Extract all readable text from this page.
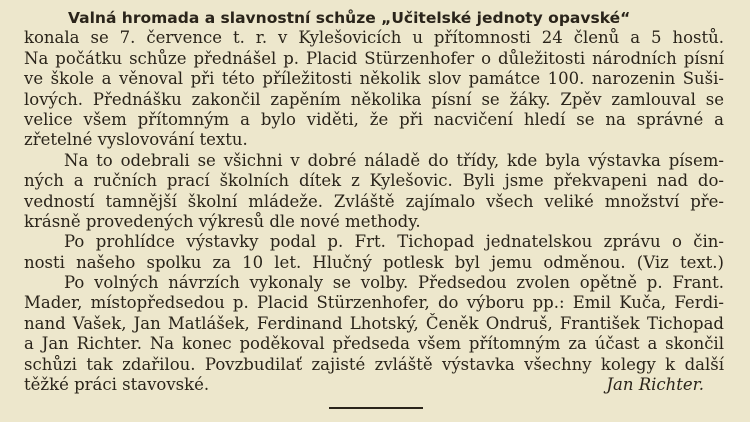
Valná hromada a slavnostní schůze „Učitelské jednoty opavské“
konala se 7. července t. r. v Kylešovicích u přítomnosti 24 členů a 5 hostů.
Na počátku schůze přednášel p. Placid Stürzenhofer o důležitosti národních písní
ve škole a věnoval při této příležitosti několik slov památce 100. narozenin Suši-
lových. Přednášku zakončil zapěním několika písní se žáky. Zpěv zamlouval se
velice všem přítomným a bylo viděti, že při nacvičení hledí se na správné a
zřetelné vyslovování textu.
Na to odebrali se všichni v dobré náladě do třídy, kde byla výstavka písem-
ných a ručních prací školních dítek z Kylešovic. Byli jsme překvapeni nad do-
vedností tamnější školní mládeže. Zvláště zajímalo všech veliké množství pře-
krásně provedených výkresů dle nové methody.
Po prohlídce výstavky podal p. Frt. Tichopad jednatelskou zprávu o čin-
nosti našeho spolku za 10 let. Hlučný potlesk byl jemu odměnou. (Viz text.)
Po volných návrzích vykonaly se volby. Předsedou zvolen opětně p. Frant.
Mader, místopředsedou p. Placid Stürzenhofer, do výboru pp.: Emil Kuča, Ferdi-
nand Vašek, Jan Matlášek, Ferdinand Lhotský, Čeněk Ondruš, František Tichopad
a Jan Richter. Na konec poděkoval předseda všem přítomným za účast a skončil
schůzi tak zdařilou. Povzbudilať zajisté zvláště výstavka všechny kolegy k další
těžké práci stavovské.	Jan Richter.
